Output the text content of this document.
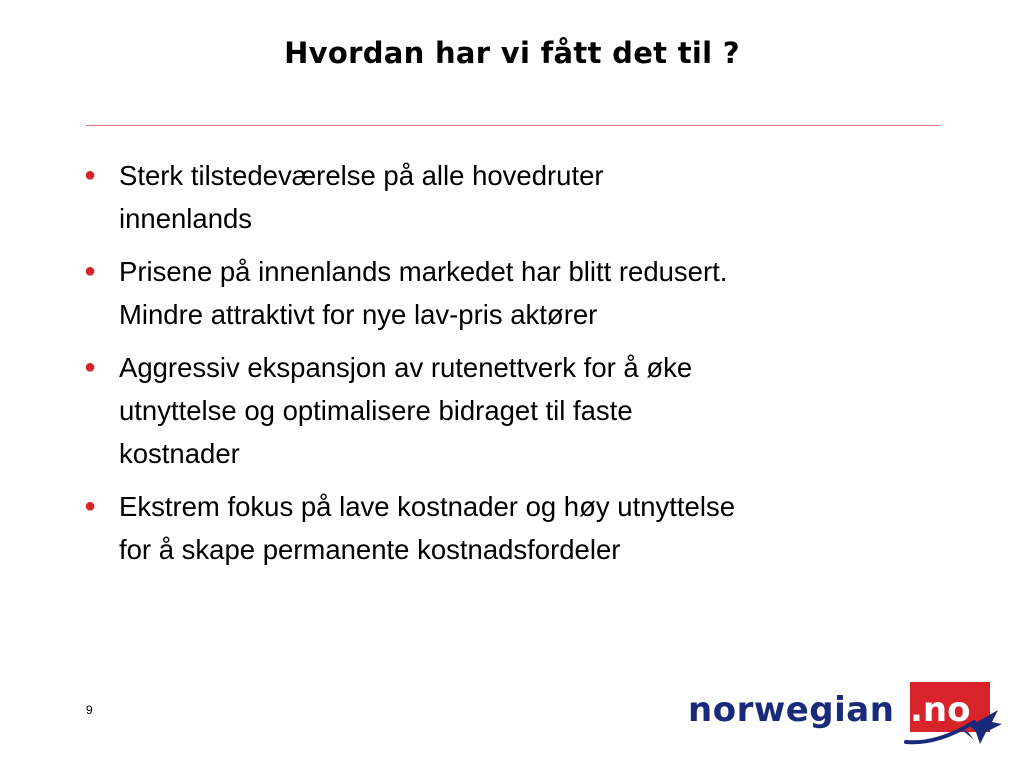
Hvordan har vi fått det til ?
● Sterk tilstedeværelse på alle hovedruter
innenlands
● Prisene på innenlands markedet har blitt redusert.
Mindre attraktivt for nye lav-pris aktører
● Aggressiv ekspansjon av rutenettverk for å øke
utnyttelse og optimalisere bidraget til faste
kostnader
● Ekstrem fokus på lave kostnader og høy utnyttelse
for å skape permanente kostnadsfordeler
9	norwegian .no
